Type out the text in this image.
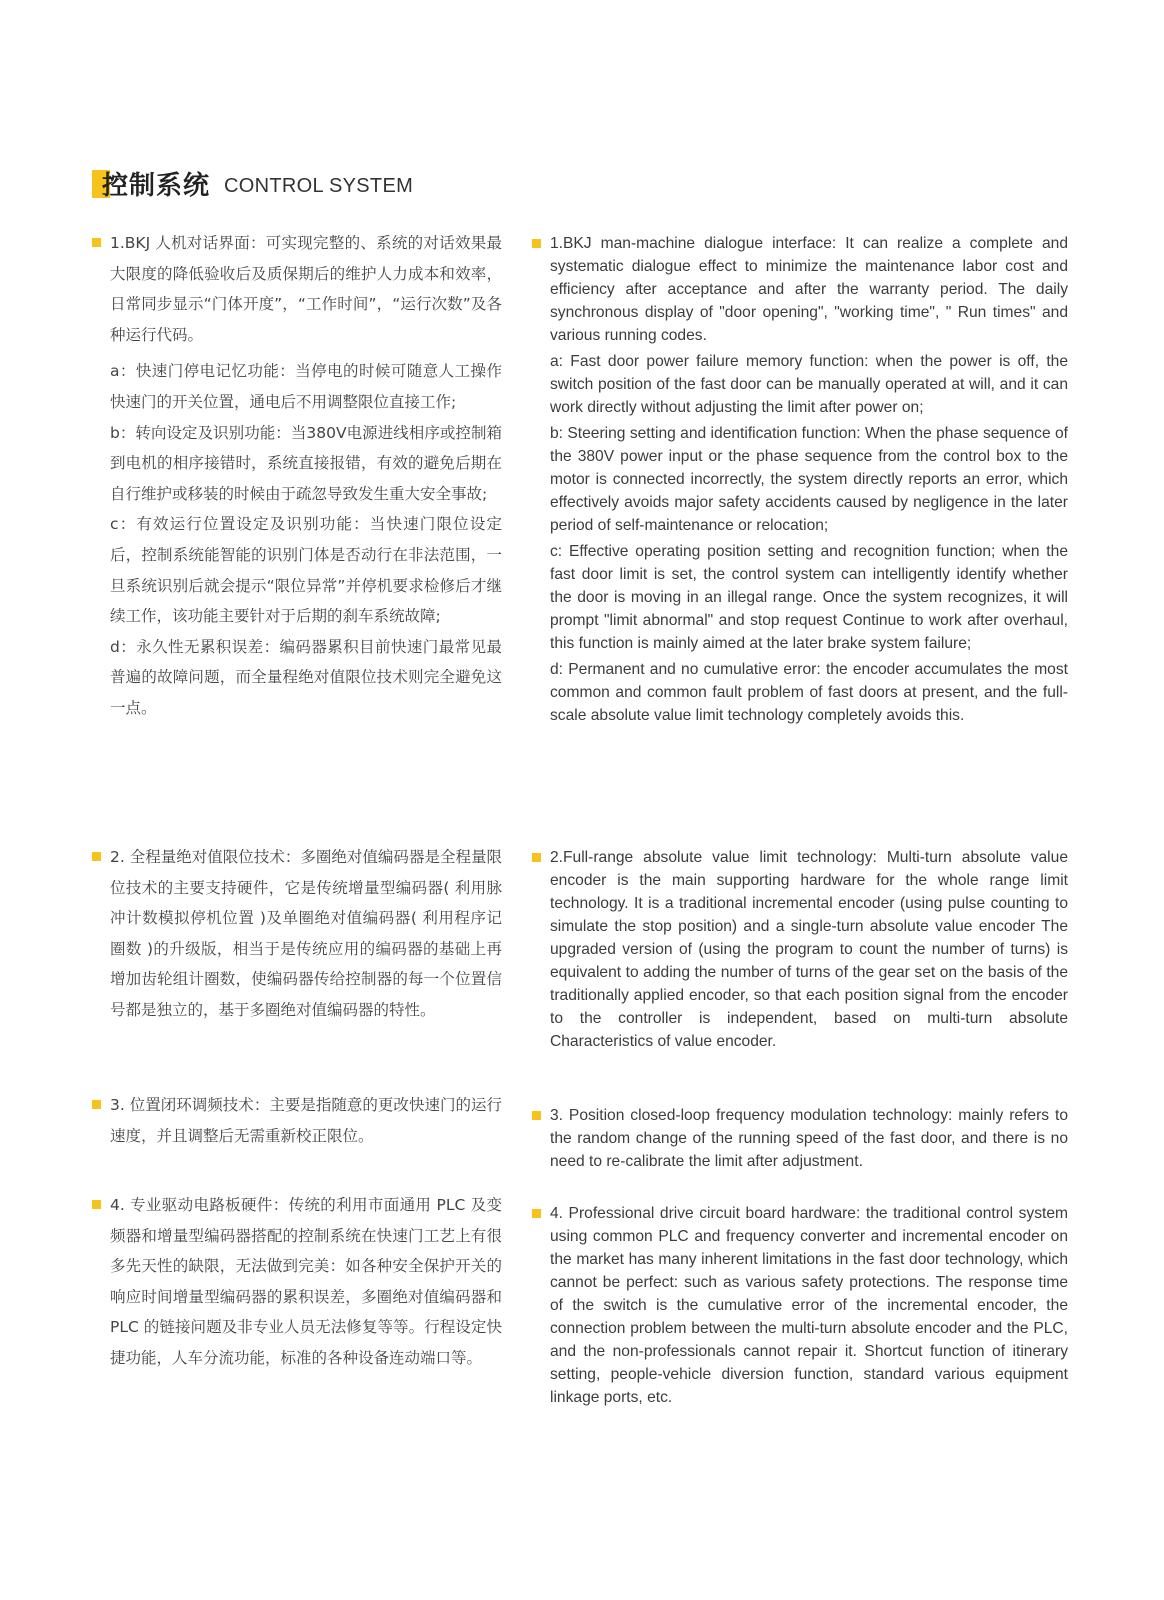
控制系统 CONTROL SYSTEM

1.BKJ 人机对话界面：可实现完整的、系统的对话效果最大限度的降低验收后及质保期后的维护人力成本和效率，日常同步显示“门体开度”，“工作时间”，“运行次数”及各种运行代码。

a：快速门停电记忆功能：当停电的时候可随意人工操作快速门的开关位置，通电后不用调整限位直接工作;

b：转向设定及识别功能：当380V电源进线相序或控制箱到电机的相序接错时，系统直接报错，有效的避免后期在自行维护或移装的时候由于疏忽导致发生重大安全事故;

c：有效运行位置设定及识别功能：当快速门限位设定后，控制系统能智能的识别门体是否动行在非法范围，一旦系统识别后就会提示“限位异常”并停机要求检修后才继续工作，该功能主要针对于后期的刹车系统故障;

d：永久性无累积误差：编码器累积目前快速门最常见最普遍的故障问题，而全量程绝对值限位技术则完全避免这一点。

2. 全程量绝对值限位技术：多圈绝对值编码器是全程量限位技术的主要支持硬件，它是传统增量型编码器( 利用脉冲计数模拟停机位置 )及单圈绝对值编码器( 利用程序记圈数 )的升级版，相当于是传统应用的编码器的基础上再增加齿轮组计圈数，使编码器传给控制器的每一个位置信号都是独立的，基于多圈绝对值编码器的特性。

3. 位置闭环调频技术：主要是指随意的更改快速门的运行速度，并且调整后无需重新校正限位。

4. 专业驱动电路板硬件：传统的利用市面通用 PLC 及变频器和增量型编码器搭配的控制系统在快速门工艺上有很多先天性的缺限，无法做到完美：如各种安全保护开关的响应时间增量型编码器的累积误差，多圈绝对值编码器和 PLC 的链接问题及非专业人员无法修复等等。行程设定快捷功能，人车分流功能，标准的各种设备连动端口等。

1.BKJ man-machine dialogue interface: It can realize a complete and systematic dialogue effect to minimize the maintenance labor cost and efficiency after acceptance and after the warranty period. The daily synchronous display of "door opening", "working time", " Run times" and various running codes.

a: Fast door power failure memory function: when the power is off, the switch position of the fast door can be manually operated at will, and it can work directly without adjusting the limit after power on;

b: Steering setting and identification function: When the phase sequence of the 380V power input or the phase sequence from the control box to the motor is connected incorrectly, the system directly reports an error, which effectively avoids major safety accidents caused by negligence in the later period of self-maintenance or relocation;

c: Effective operating position setting and recognition function; when the fast door limit is set, the control system can intelligently identify whether the door is moving in an illegal range. Once the system recognizes, it will prompt "limit abnormal" and stop request Continue to work after overhaul, this function is mainly aimed at the later brake system failure;

d: Permanent and no cumulative error: the encoder accumulates the most common and common fault problem of fast doors at present, and the full-scale absolute value limit technology completely avoids this.

2.Full-range absolute value limit technology: Multi-turn absolute value encoder is the main supporting hardware for the whole range limit technology. It is a traditional incremental encoder (using pulse counting to simulate the stop position) and a single-turn absolute value encoder The upgraded version of (using the program to count the number of turns) is equivalent to adding the number of turns of the gear set on the basis of the traditionally applied encoder, so that each position signal from the encoder to the controller is independent, based on multi-turn absolute Characteristics of value encoder.

3. Position closed-loop frequency modulation technology: mainly refers to the random change of the running speed of the fast door, and there is no need to re-calibrate the limit after adjustment.

4. Professional drive circuit board hardware: the traditional control system using common PLC and frequency converter and incremental encoder on the market has many inherent limitations in the fast door technology, which cannot be perfect: such as various safety protections. The response time of the switch is the cumulative error of the incremental encoder, the connection problem between the multi-turn absolute encoder and the PLC, and the non-professionals cannot repair it. Shortcut function of itinerary setting, people-vehicle diversion function, standard various equipment linkage ports, etc.
